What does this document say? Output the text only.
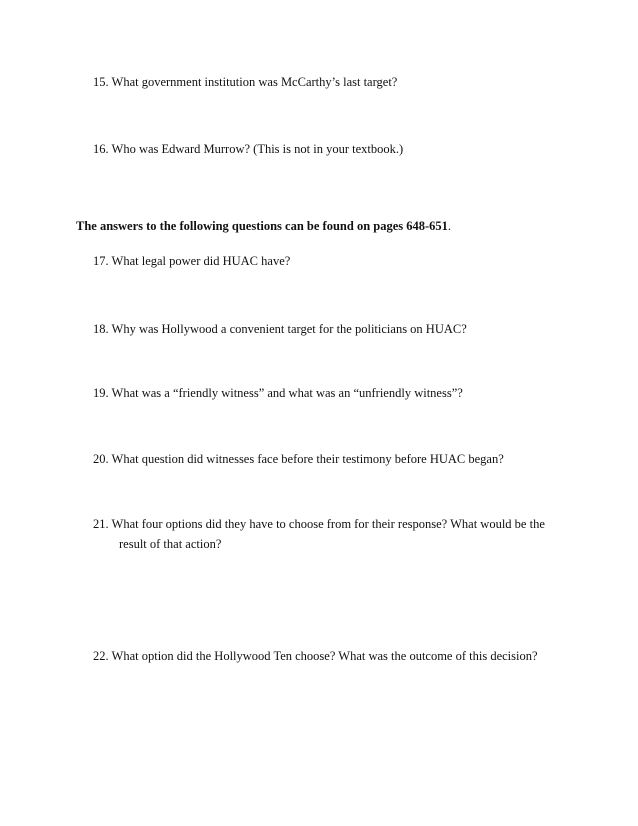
15. What government institution was McCarthy’s last target?
16. Who was Edward Murrow? (This is not in your textbook.)
The answers to the following questions can be found on pages 648-651.
17. What legal power did HUAC have?
18. Why was Hollywood a convenient target for the politicians on HUAC?
19. What was a “friendly witness” and what was an “unfriendly witness”?
20. What question did witnesses face before their testimony before HUAC began?
21. What four options did they have to choose from for their response? What would be the
result of that action?
22. What option did the Hollywood Ten choose? What was the outcome of this decision?
